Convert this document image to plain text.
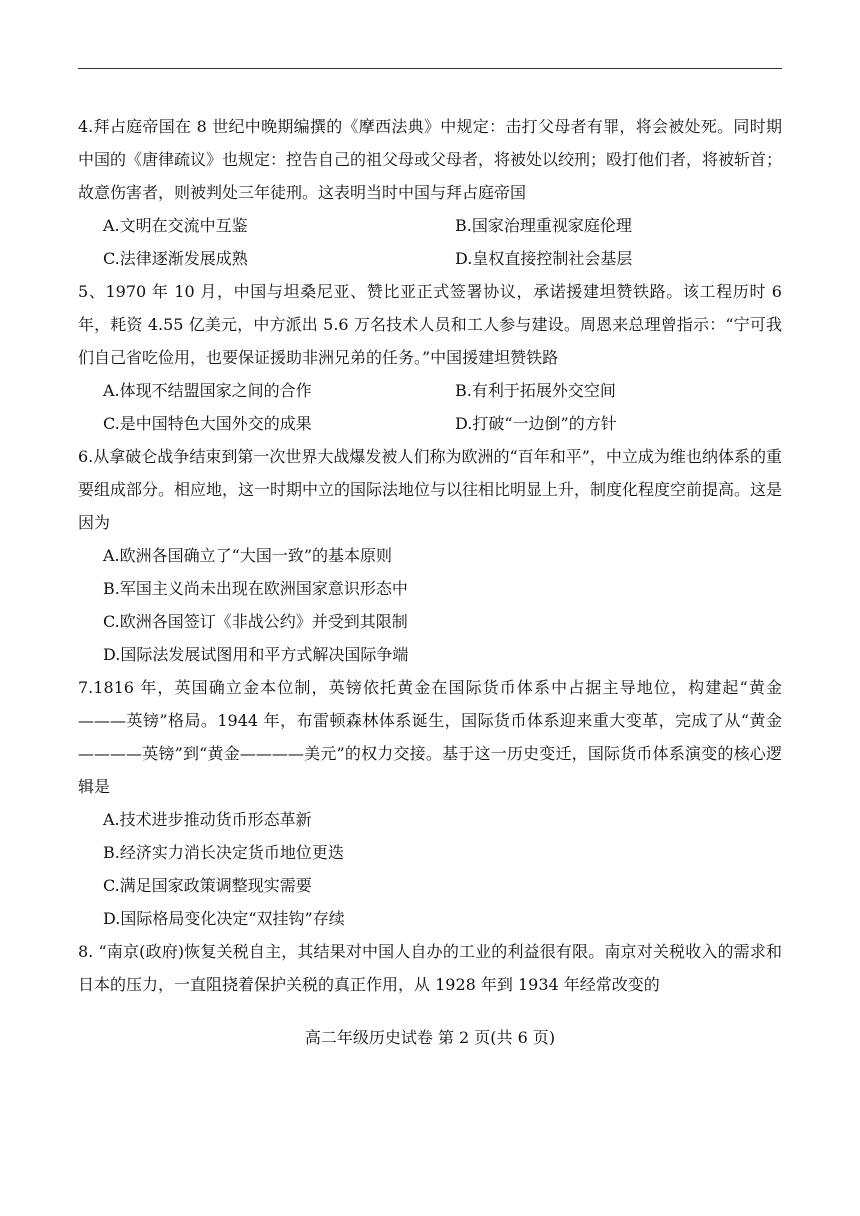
4.拜占庭帝国在 8 世纪中晚期编撰的《摩西法典》中规定：击打父母者有罪，将会被处死。同时期中国的《唐律疏议》也规定：控告自己的祖父母或父母者，将被处以绞刑；殴打他们者，将被斩首；故意伤害者，则被判处三年徒刑。这表明当时中国与拜占庭帝国

A.文明在交流中互鉴	B.国家治理重视家庭伦理
C.法律逐渐发展成熟	D.皇权直接控制社会基层

5、1970 年 10 月，中国与坦桑尼亚、赞比亚正式签署协议，承诺援建坦赞铁路。该工程历时 6 年，耗资 4.55 亿美元，中方派出 5.6 万名技术人员和工人参与建设。周恩来总理曾指示：“宁可我们自己省吃俭用，也要保证援助非洲兄弟的任务。”中国援建坦赞铁路

A.体现不结盟国家之间的合作	B.有利于拓展外交空间
C.是中国特色大国外交的成果	D.打破“一边倒”的方针

6.从拿破仑战争结束到第一次世界大战爆发被人们称为欧洲的“百年和平”，中立成为维也纳体系的重要组成部分。相应地，这一时期中立的国际法地位与以往相比明显上升，制度化程度空前提高。这是因为

A.欧洲各国确立了“大国一致”的基本原则
B.军国主义尚未出现在欧洲国家意识形态中
C.欧洲各国签订《非战公约》并受到其限制
D.国际法发展试图用和平方式解决国际争端

7.1816 年，英国确立金本位制，英镑依托黄金在国际货币体系中占据主导地位，构建起“黄金———英镑”格局。1944 年，布雷顿森林体系诞生，国际货币体系迎来重大变革，完成了从“黄金————英镑”到“黄金————美元”的权力交接。基于这一历史变迁，国际货币体系演变的核心逻辑是

A.技术进步推动货币形态革新
B.经济实力消长决定货币地位更迭
C.满足国家政策调整现实需要
D.国际格局变化决定“双挂钩”存续

8. “南京(政府)恢复关税自主，其结果对中国人自办的工业的利益很有限。南京对关税收入的需求和日本的压力，一直阻挠着保护关税的真正作用，从 1928 年到 1934 年经常改变的

高二年级历史试卷 第 2 页(共 6 页)
